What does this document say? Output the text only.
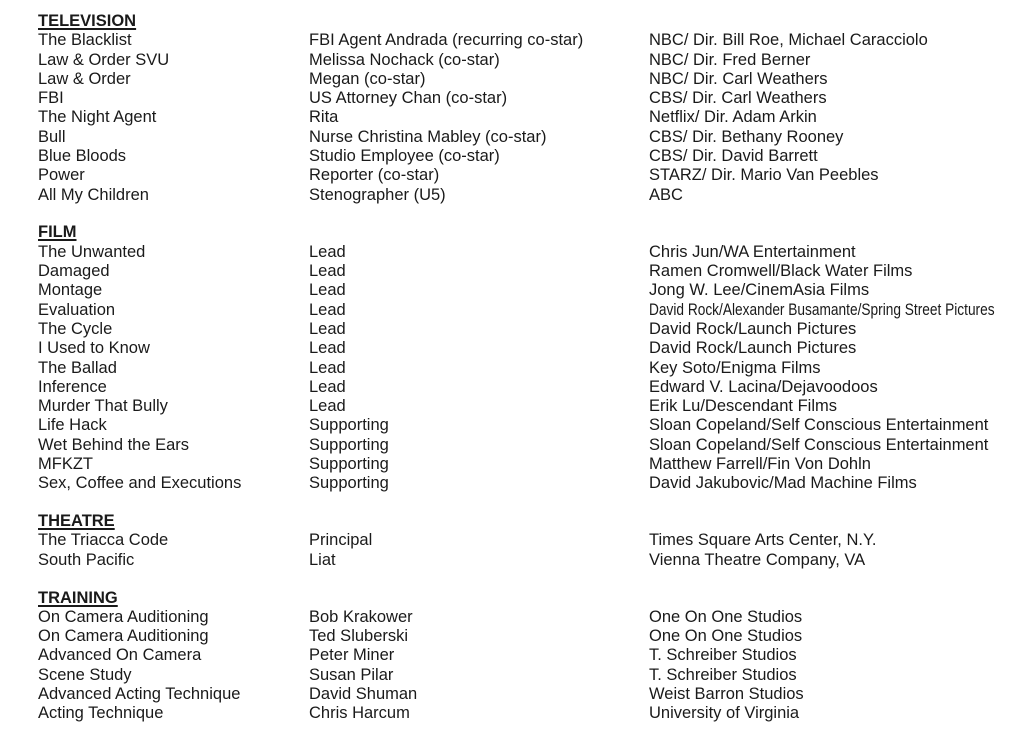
TELEVISION
The Blacklist	FBI Agent Andrada (recurring co-star)	NBC/ Dir. Bill Roe, Michael Caracciolo
Law & Order SVU	Melissa Nochack (co-star)	NBC/ Dir. Fred Berner
Law & Order	Megan (co-star)	NBC/ Dir. Carl Weathers
FBI	US Attorney Chan (co-star)	CBS/ Dir. Carl Weathers
The Night Agent	Rita	Netflix/ Dir. Adam Arkin
Bull	Nurse Christina Mabley (co-star)	CBS/ Dir. Bethany Rooney
Blue Bloods	Studio Employee (co-star)	CBS/ Dir. David Barrett
Power	Reporter (co-star)	STARZ/ Dir. Mario Van Peebles
All My Children	Stenographer (U5)	ABC
FILM
The Unwanted	Lead	Chris Jun/WA Entertainment
Damaged	Lead	Ramen Cromwell/Black Water Films
Montage	Lead	Jong W. Lee/CinemAsia Films
Evaluation	Lead	David Rock/Alexander Busamante/Spring Street Pictures
The Cycle	Lead	David Rock/Launch Pictures
I Used to Know	Lead	David Rock/Launch Pictures
The Ballad	Lead	Key Soto/Enigma Films
Inference	Lead	Edward V. Lacina/Dejavoodoos
Murder That Bully	Lead	Erik Lu/Descendant Films
Life Hack	Supporting	Sloan Copeland/Self Conscious Entertainment
Wet Behind the Ears	Supporting	Sloan Copeland/Self Conscious Entertainment
MFKZT	Supporting	Matthew Farrell/Fin Von Dohln
Sex, Coffee and Executions	Supporting	David Jakubovic/Mad Machine Films
THEATRE
The Triacca Code	Principal	Times Square Arts Center, N.Y.
South Pacific	Liat	Vienna Theatre Company, VA
TRAINING
On Camera Auditioning	Bob Krakower	One On One Studios
On Camera Auditioning	Ted Sluberski	One On One Studios
Advanced On Camera	Peter Miner	T. Schreiber Studios
Scene Study	Susan Pilar	T. Schreiber Studios
Advanced Acting Technique	David Shuman	Weist Barron Studios
Acting Technique	Chris Harcum	University of Virginia
